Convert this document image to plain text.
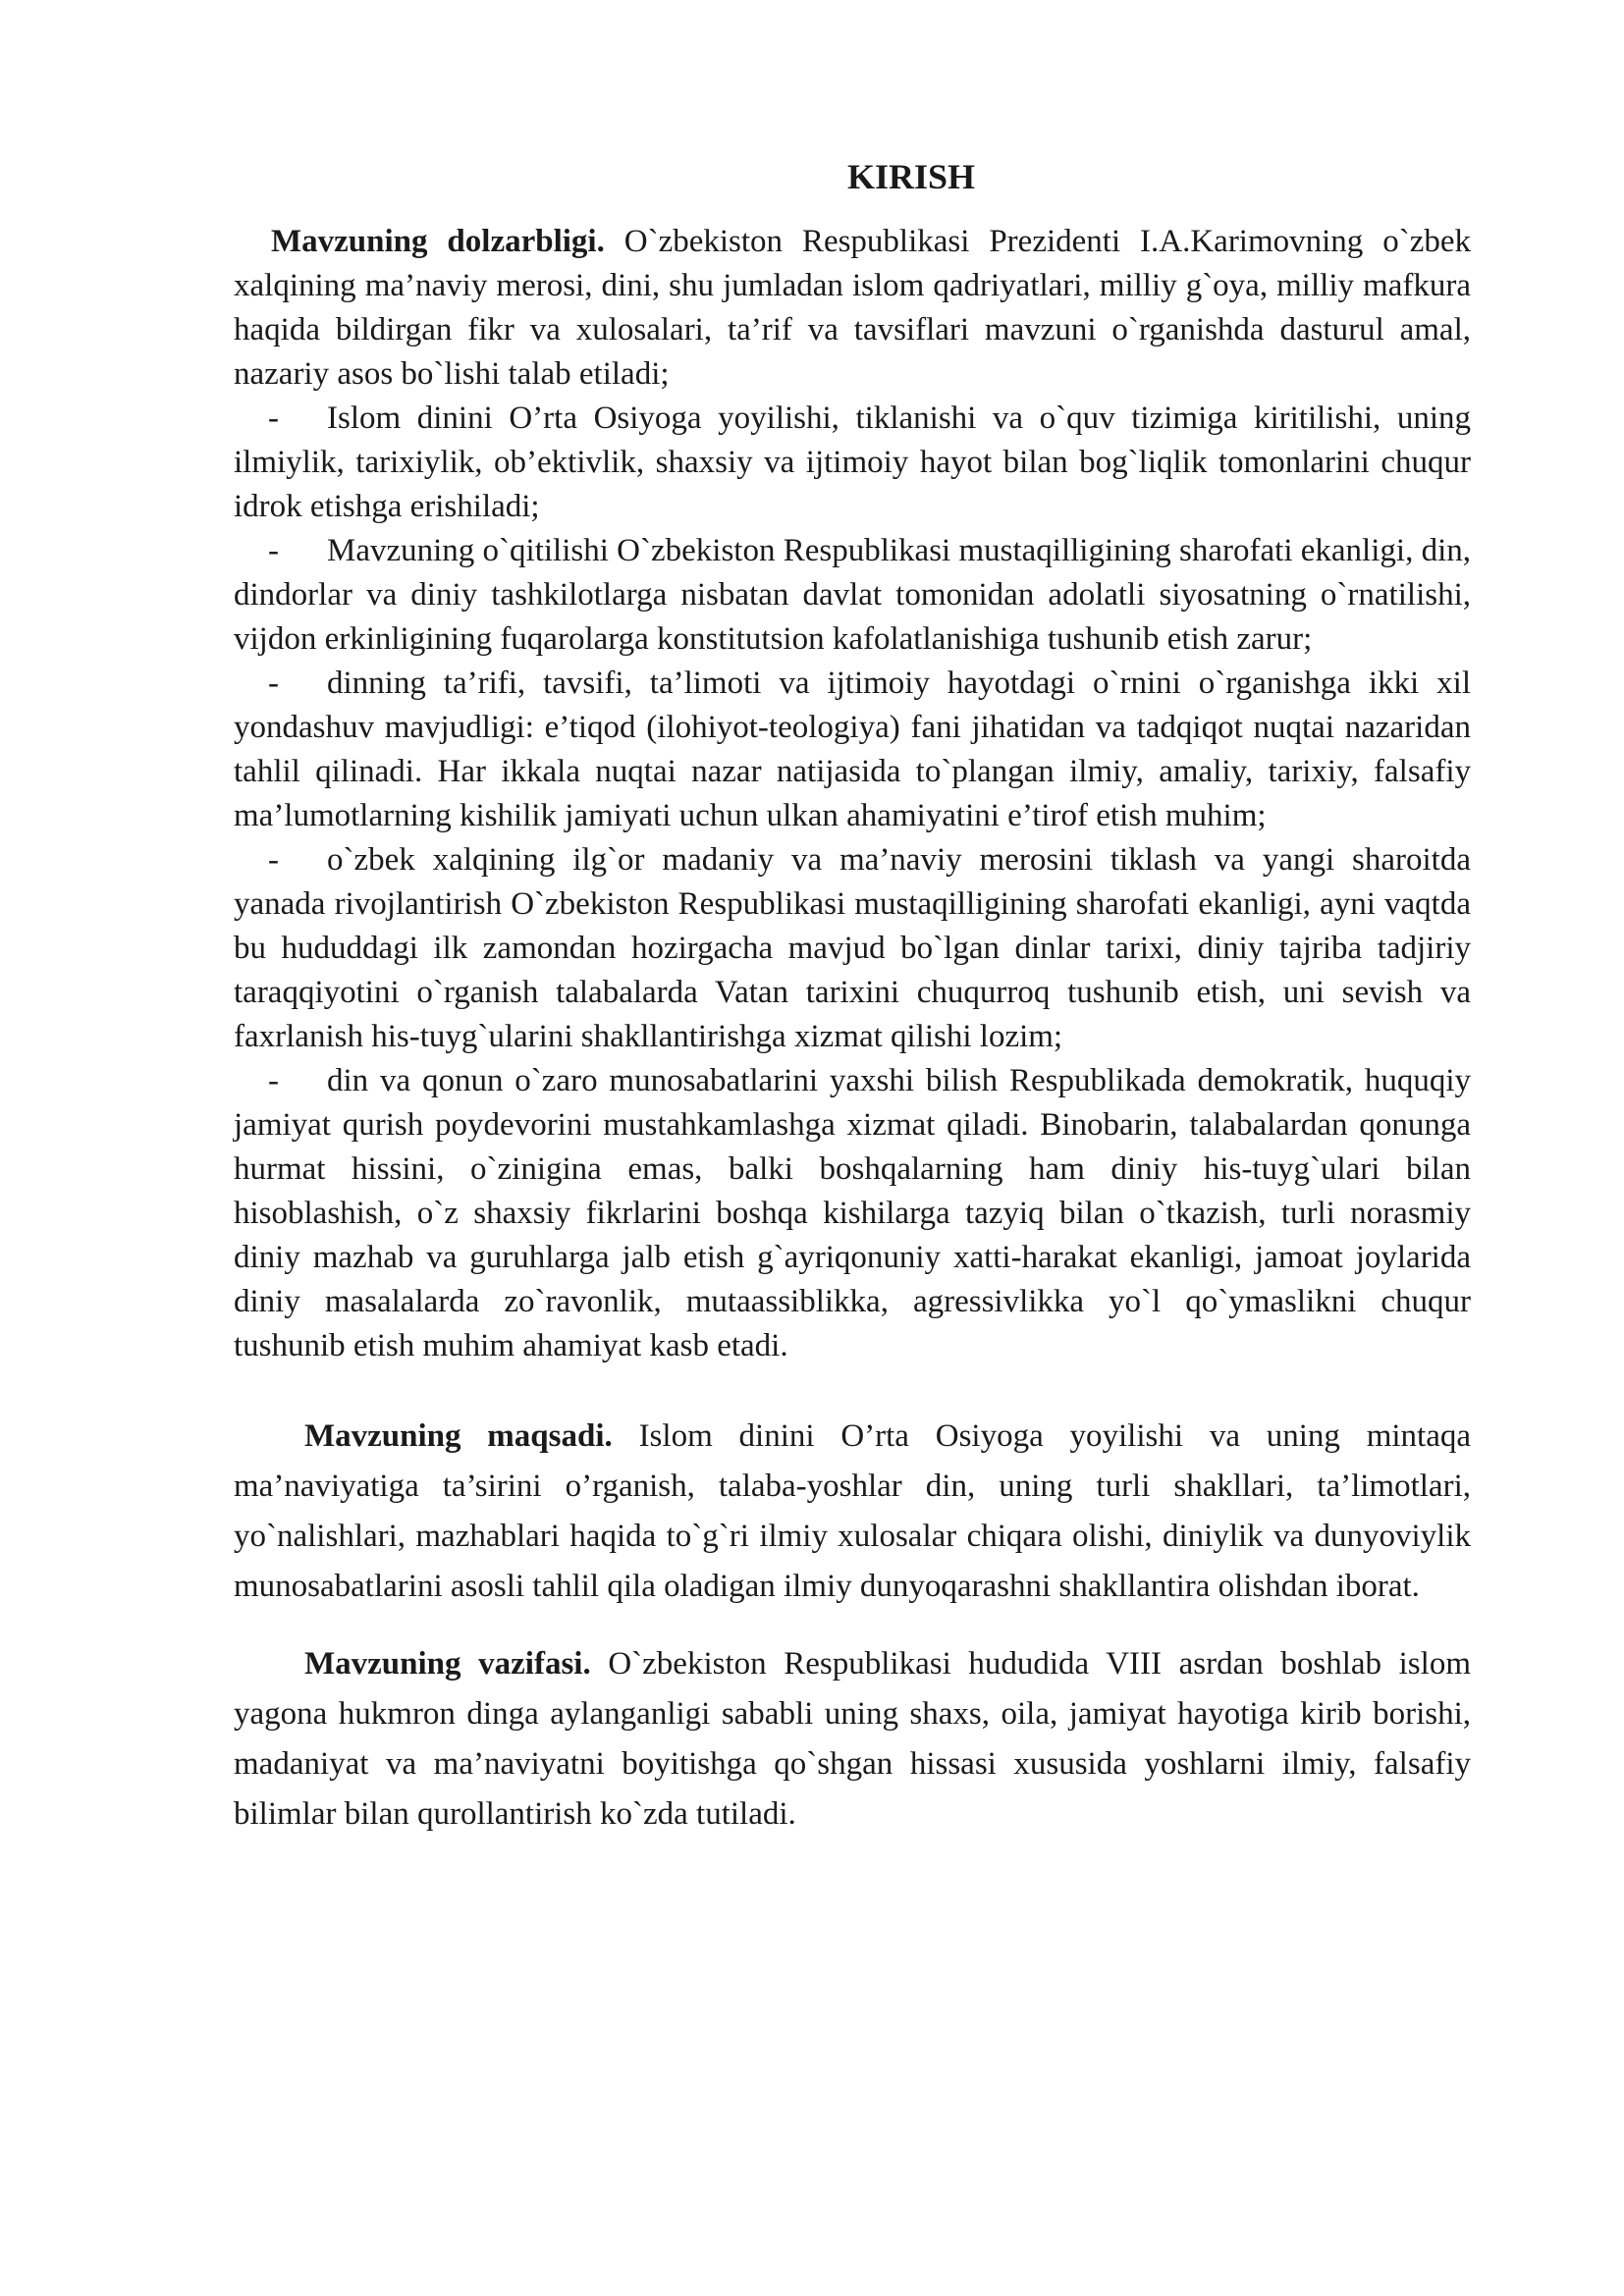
KIRISH

Mavzuning dolzarbligi. O`zbekiston Respublikasi Prezidenti I.A.Karimovning o`zbek xalqining ma’naviy merosi, dini, shu jumladan islom qadriyatlari, milliy g`oya, milliy mafkura haqida bildirgan fikr va xulosalari, ta’rif va tavsiflari mavzuni o`rganishda dasturul amal, nazariy asos bo`lishi talab etiladi;

- Islom dinini O’rta Osiyoga yoyilishi, tiklanishi va o`quv tizimiga kiritilishi, uning ilmiylik, tarixiylik, ob’ektivlik, shaxsiy va ijtimoiy hayot bilan bog`liqlik tomonlarini chuqur idrok etishga erishiladi;

- Mavzuning o`qitilishi O`zbekiston Respublikasi mustaqilligining sharofati ekanligi, din, dindorlar va diniy tashkilotlarga nisbatan davlat tomonidan adolatli siyosatning o`rnatilishi, vijdon erkinligining fuqarolarga konstitutsion kafolatlanishiga tushunib etish zarur;

- dinning ta’rifi, tavsifi, ta’limoti va ijtimoiy hayotdagi o`rnini o`rganishga ikki xil yondashuv mavjudligi: e’tiqod (ilohiyot-teologiya) fani jihatidan va tadqiqot nuqtai nazaridan tahlil qilinadi. Har ikkala nuqtai nazar natijasida to`plangan ilmiy, amaliy, tarixiy, falsafiy ma’lumotlarning kishilik jamiyati uchun ulkan ahamiyatini e’tirof etish muhim;

- o`zbek xalqining ilg`or madaniy va ma’naviy merosini tiklash va yangi sharoitda yanada rivojlantirish O`zbekiston Respublikasi mustaqilligining sharofati ekanligi, ayni vaqtda bu hududdagi ilk zamondan hozirgacha mavjud bo`lgan dinlar tarixi, diniy tajriba tadjiriy taraqqiyotini o`rganish talabalarda Vatan tarixini chuqurroq tushunib etish, uni sevish va faxrlanish his-tuyg`ularini shakllantirishga xizmat qilishi lozim;

- din va qonun o`zaro munosabatlarini yaxshi bilish Respublikada demokratik, huquqiy jamiyat qurish poydevorini mustahkamlashga xizmat qiladi. Binobarin, talabalardan qonunga hurmat hissini, o`zinigina emas, balki boshqalarning ham diniy his-tuyg`ulari bilan hisoblashish, o`z shaxsiy fikrlarini boshqa kishilarga tazyiq bilan o`tkazish, turli norasmiy diniy mazhab va guruhlarga jalb etish g`ayriqonuniy xatti-harakat ekanligi, jamoat joylarida diniy masalalarda zo`ravonlik, mutaassiblikka, agressivlikka yo`l qo`ymaslikni chuqur tushunib etish muhim ahamiyat kasb etadi.

Mavzuning maqsadi. Islom dinini O’rta Osiyoga yoyilishi va uning mintaqa ma’naviyatiga ta’sirini o’rganish, talaba-yoshlar din, uning turli shakllari, ta’limotlari, yo`nalishlari, mazhablari haqida to`g`ri ilmiy xulosalar chiqara olishi, diniylik va dunyoviylik munosabatlarini asosli tahlil qila oladigan ilmiy dunyoqarashni shakllantira olishdan iborat.

Mavzuning vazifasi. O`zbekiston Respublikasi hududida VIII asrdan boshlab islom yagona hukmron dinga aylanganligi sababli uning shaxs, oila, jamiyat hayotiga kirib borishi, madaniyat va ma’naviyatni boyitishga qo`shgan hissasi xususida yoshlarni ilmiy, falsafiy bilimlar bilan qurollantirish ko`zda tutiladi.
